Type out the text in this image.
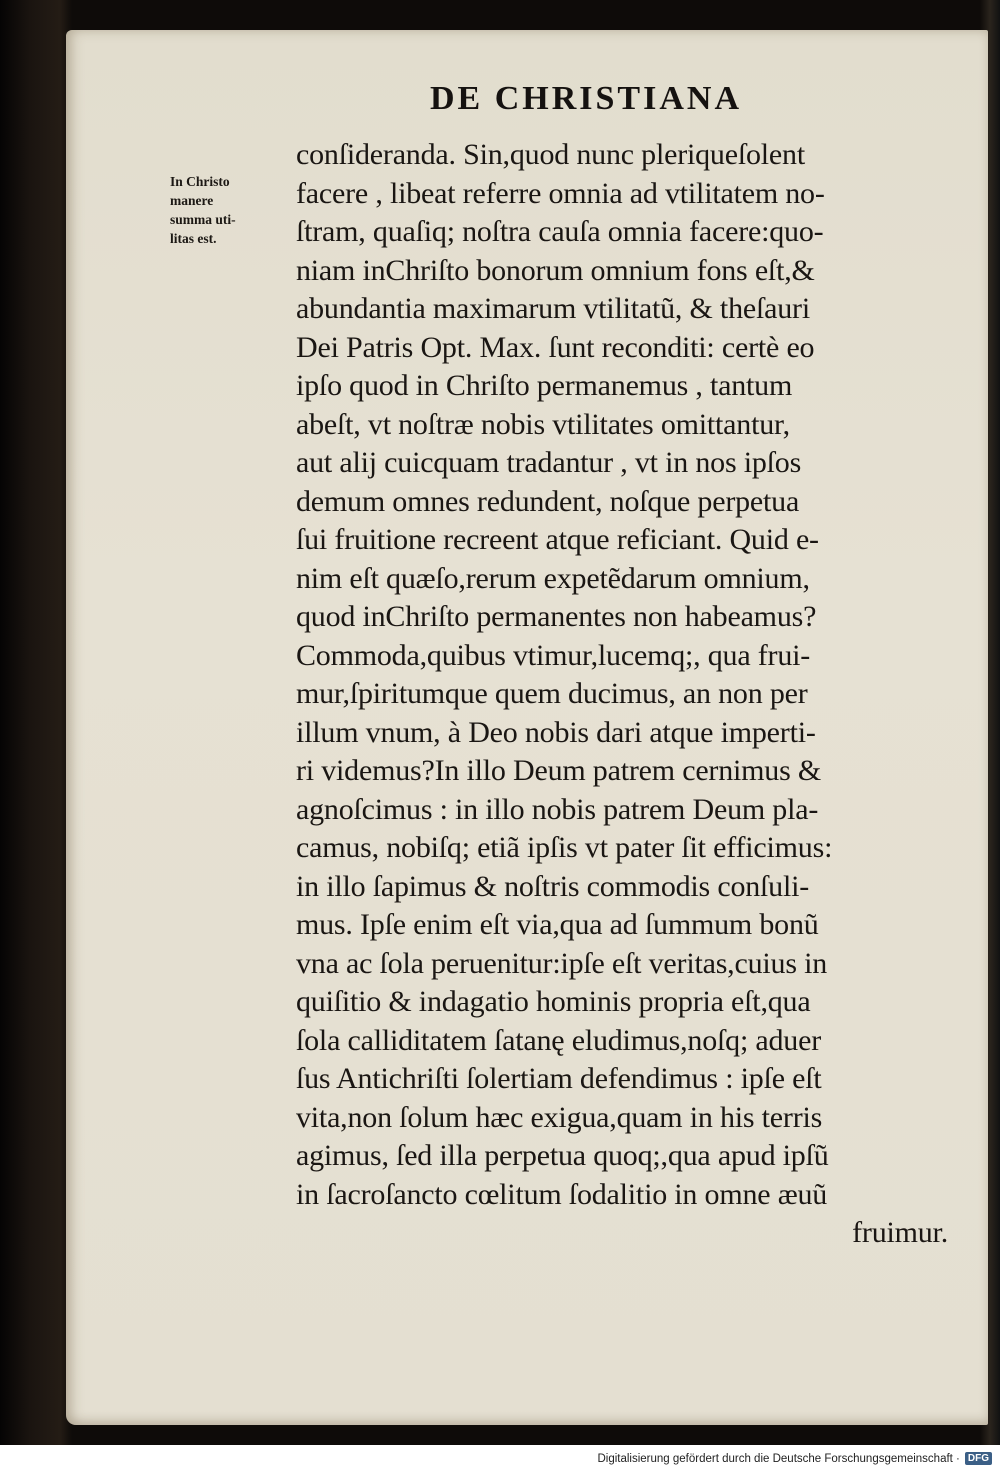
DE CHRISTIANA
In Christo
manere
summa uti-
litas est.
conſideranda. Sin,quod nunc pleriqueſolent
facere , libeat referre omnia ad vtilitatem no-
ſtram, quaſiq; noſtra cauſa omnia facere:quo-
niam inChriſto bonorum omnium fons eſt,&
abundantia maximarum vtilitatũ, & theſauri
Dei Patris Opt. Max. ſunt reconditi: certè eo
ipſo quod in Chriſto permanemus , tantum
abeſt, vt noſtræ nobis vtilitates omittantur,
aut alij cuicquam tradantur , vt in nos ipſos
demum omnes redundent, noſque perpetua
ſui fruitione recreent atque reficiant. Quid e-
nim eſt quæſo,rerum expetẽdarum omnium,
quod inChriſto permanentes non habeamus?
Commoda,quibus vtimur,lucemq;, qua frui-
mur,ſpiritumque quem ducimus, an non per
illum vnum, à Deo nobis dari atque imperti-
ri videmus?In illo Deum patrem cernimus &
agnoſcimus : in illo nobis patrem Deum pla-
camus, nobiſq; etiã ipſis vt pater ſit efficimus:
in illo ſapimus & noſtris commodis conſuli-
mus. Ipſe enim eſt via,qua ad ſummum bonũ
vna ac ſola peruenitur:ipſe eſt veritas,cuius in
quiſitio & indagatio hominis propria eſt,qua
ſola calliditatem ſatanę eludimus,noſq; aduer
ſus Antichriſti ſolertiam defendimus : ipſe eſt
vita,non ſolum hæc exigua,quam in his terris
agimus, ſed illa perpetua quoq;,qua apud ipſũ
in ſacroſancto cœlitum ſodalitio in omne æuũ
fruimur.
Digitalisierung gefördert durch die Deutsche Forschungsgemeinschaft · DFG
